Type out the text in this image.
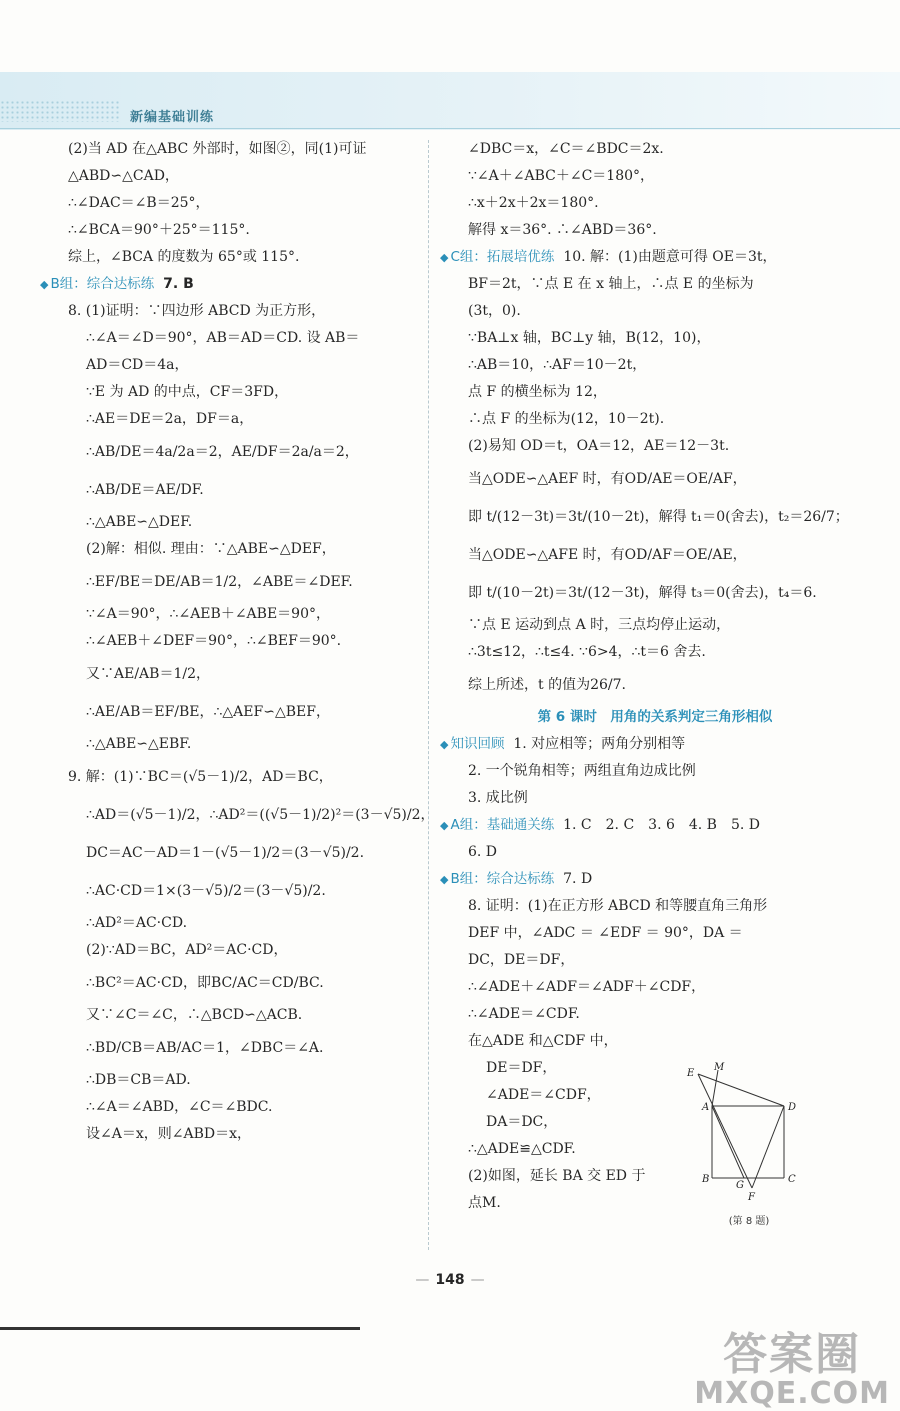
新编基础训练

(2)当 AD 在△ABC 外部时，如图②，同(1)可证

△ABD∽△CAD，

∴∠DAC＝∠B＝25°，

∴∠BCA＝90°＋25°＝115°.

综上，∠BCA 的度数为 65°或 115°.

◆ B组：综合达标练 7. B

8. (1)证明：∵四边形 ABCD 为正方形，

∴∠A＝∠D＝90°，AB＝AD＝CD. 设 AB＝

AD＝CD＝4a，

∵E 为 AD 的中点，CF＝3FD，

∴AE＝DE＝2a，DF＝a，

∴AB/DE＝4a/2a＝2，AE/DF＝2a/a＝2，

∴AB/DE＝AE/DF.

∴△ABE∽△DEF.

(2)解：相似. 理由：∵△ABE∽△DEF，

∴EF/BE＝DE/AB＝1/2，∠ABE＝∠DEF.

∵∠A＝90°，∴∠AEB＋∠ABE＝90°，

∴∠AEB＋∠DEF＝90°，∴∠BEF＝90°.

又∵AE/AB＝1/2，

∴AE/AB＝EF/BE，∴△AEF∽△BEF，

∴△ABE∽△EBF.

9. 解：(1)∵BC＝(√5－1)/2，AD＝BC，

∴AD＝(√5－1)/2，∴AD²＝((√5－1)/2)²＝(3－√5)/2，

DC＝AC－AD＝1－(√5－1)/2＝(3－√5)/2.

∴AC·CD＝1×(3－√5)/2＝(3－√5)/2.

∴AD²＝AC·CD.

(2)∵AD＝BC，AD²＝AC·CD，

∴BC²＝AC·CD，即BC/AC＝CD/BC.

又∵∠C＝∠C，∴△BCD∽△ACB.

∴BD/CB＝AB/AC＝1，∠DBC＝∠A.

∴DB＝CB＝AD.

∴∠A＝∠ABD，∠C＝∠BDC.

设∠A＝x，则∠ABD＝x，

∠DBC＝x，∠C＝∠BDC＝2x.

∵∠A＋∠ABC＋∠C＝180°，

∴x＋2x＋2x＝180°.

解得 x＝36°. ∴∠ABD＝36°.

◆ C组：拓展培优练 10. 解：(1)由题意可得 OE＝3t，

BF＝2t，∵点 E 在 x 轴上，∴点 E 的坐标为

(3t，0).

∵BA⊥x 轴，BC⊥y 轴，B(12，10)，

∴AB＝10，∴AF＝10－2t，

点 F 的横坐标为 12，

∴点 F 的坐标为(12，10－2t).

(2)易知 OD＝t，OA＝12，AE＝12－3t.

当△ODE∽△AEF 时，有OD/AE＝OE/AF，

即 t/(12－3t)＝3t/(10－2t)，解得 t₁＝0(舍去)，t₂＝26/7；

当△ODE∽△AFE 时，有OD/AF＝OE/AE，

即 t/(10－2t)＝3t/(12－3t)，解得 t₃＝0(舍去)，t₄＝6.

∵点 E 运动到点 A 时，三点均停止运动，

∴3t≤12，∴t≤4. ∵6>4，∴t＝6 舍去.

综上所述，t 的值为26/7.

第 6 课时　用角的关系判定三角形相似

◆ 知识回顾 1. 对应相等；两角分别相等

2. 一个锐角相等；两组直角边成比例

3. 成比例

◆ A组：基础通关练 1. C　2. C　3. 6　4. B　5. D

6. D

◆ B组：综合达标练 7. D

8. 证明：(1)在正方形 ABCD 和等腰直角三角形

DEF 中，∠ADC ＝ ∠EDF ＝ 90°，DA ＝

DC，DE＝DF，

∴∠ADE＋∠ADF＝∠ADF＋∠CDF，

∴∠ADE＝∠CDF.

在△ADE 和△CDF 中，

DE＝DF，

∠ADE＝∠CDF，

DA＝DC，

∴△ADE≌△CDF.

(2)如图，延长 BA 交 ED 于

点M.

E
M
A	D
B
G
F
C
(第 8 题)
— 148 —
答案圈
MXQE.COM
